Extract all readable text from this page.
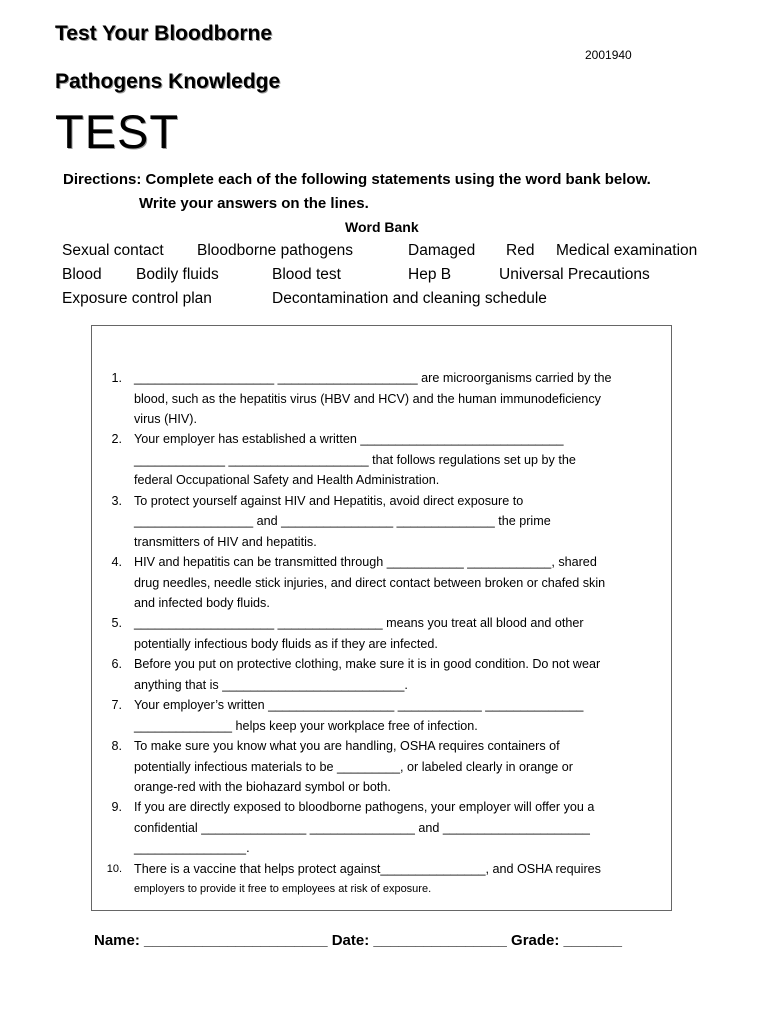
Test Your Bloodborne
2001940
Pathogens Knowledge
TEST
Directions: Complete each of the following statements using the word bank below.
Write your answers on the lines.
Word Bank
Sexual contact Bloodborne pathogens	Damaged Red Medical examination
Blood Bodily fluids	Blood test	Hep B	Universal Precautions
Exposure control plan	Decontamination and cleaning schedule
1. ____________________ ____________________ are microorganisms carried by the
blood, such as the hepatitis virus (HBV and HCV) and the human immunodeficiency
virus (HIV).
2. Your employer has established a written _____________________________
_____________ ____________________ that follows regulations set up by the
federal Occupational Safety and Health Administration.
3. To protect yourself against HIV and Hepatitis, avoid direct exposure to
_________________ and ________________ ______________ the prime
transmitters of HIV and hepatitis.
4. HIV and hepatitis can be transmitted through ___________ ____________, shared
drug needles, needle stick injuries, and direct contact between broken or chafed skin
and infected body fluids.
5. ____________________ _______________ means you treat all blood and other
potentially infectious body fluids as if they are infected.
6. Before you put on protective clothing, make sure it is in good condition. Do not wear
anything that is __________________________.
7. Your employer’s written __________________ ____________ ______________
______________ helps keep your workplace free of infection.
8. To make sure you know what you are handling, OSHA requires containers of
potentially infectious materials to be _________, or labeled clearly in orange or
orange-red with the biohazard symbol or both.
9. If you are directly exposed to bloodborne pathogens, your employer will offer you a
confidential _______________ _______________ and _____________________
________________.
10. There is a vaccine that helps protect against_______________, and OSHA requires
employers to provide it free to employees at risk of exposure.
Name: ______________________ Date: ________________ Grade: _______
